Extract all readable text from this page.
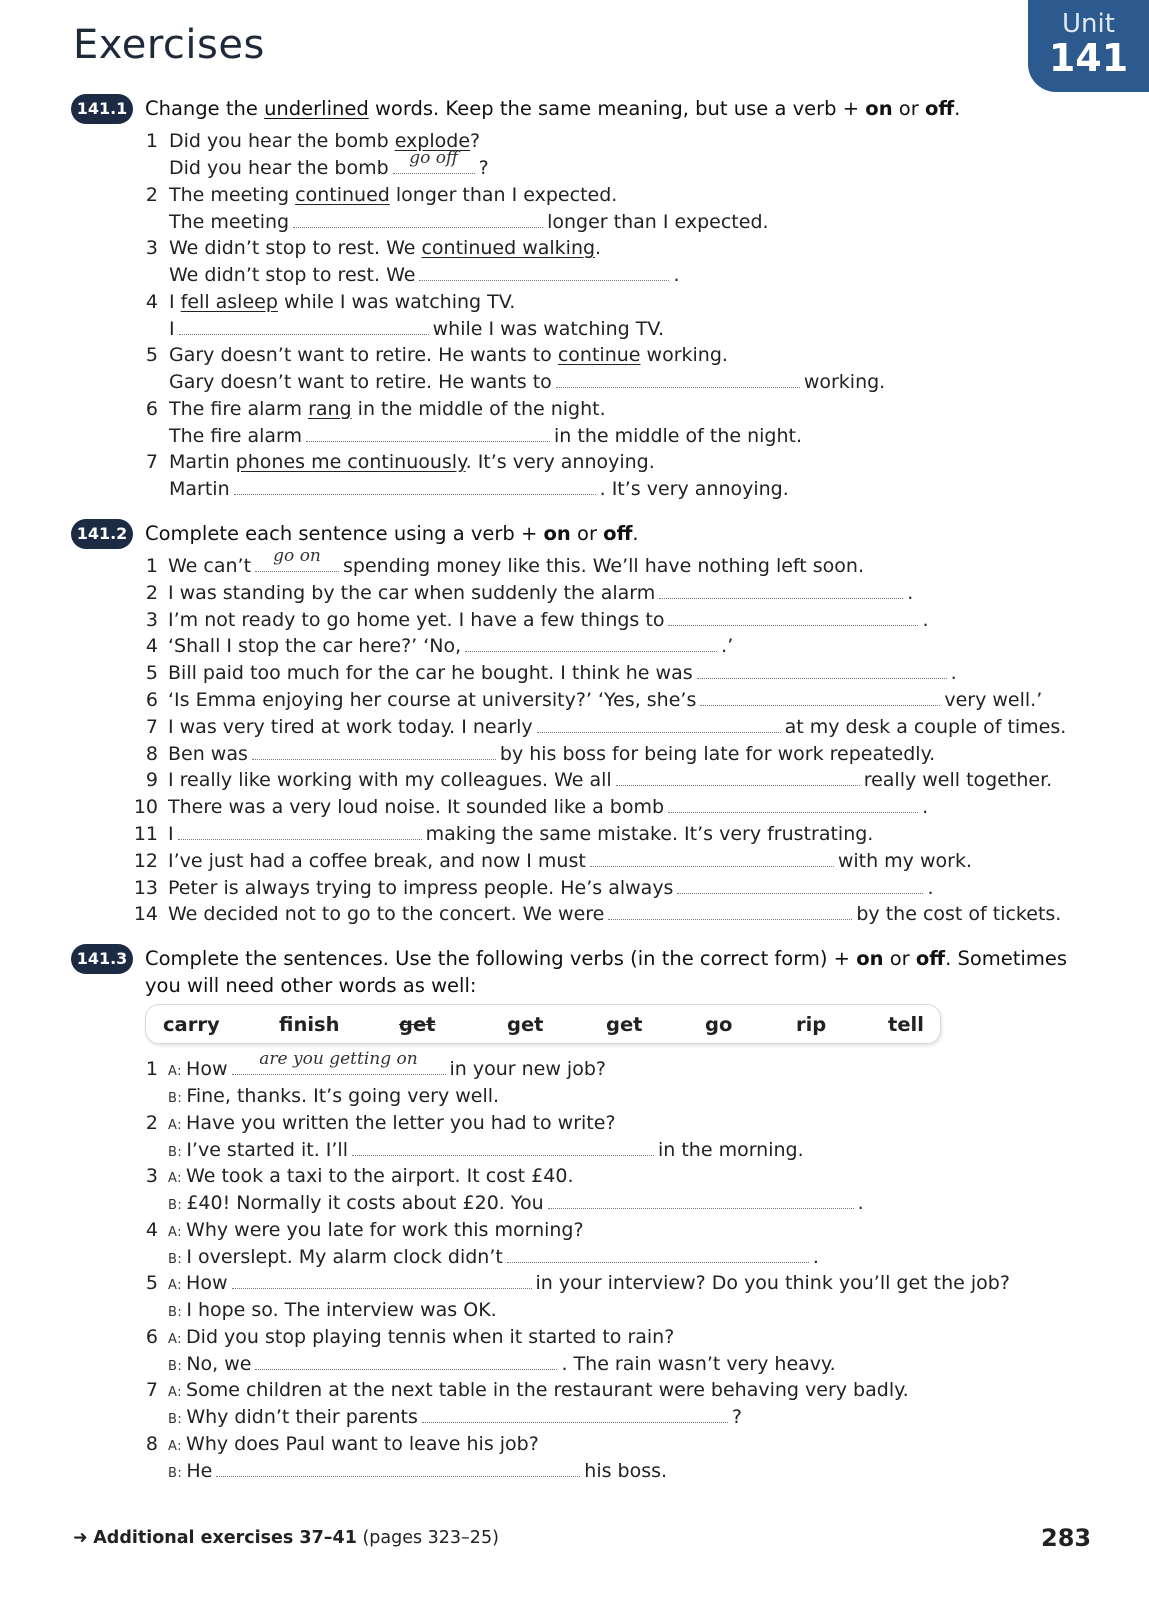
Exercises	Unit
141
141.1 Change the underlined words. Keep the same meaning, but use a verb + on or off.
1 Did you hear the bomb explode?
Did you hear the bomb	go off	?
2 The meeting continued longer than I expected.
The meeting	longer than I expected.
3 We didn’t stop to rest. We continued walking.
We didn’t stop to rest. We	.
4 I fell asleep while I was watching TV.
I	while I was watching TV.
5 Gary doesn’t want to retire. He wants to continue working.
Gary doesn’t want to retire. He wants to	working.
6 The fire alarm rang in the middle of the night.
The fire alarm	in the middle of the night.
7 Martin phones me continuously. It’s very annoying.
Martin	. It’s very annoying.
141.2 Complete each sentence using a verb + on or off.
1 We can’t	go on	spending money like this. We’ll have nothing left soon.
2 I was standing by the car when suddenly the alarm	.
3 I’m not ready to go home yet. I have a few things to	.
4 ‘Shall I stop the car here?’ ‘No,	.’
5 Bill paid too much for the car he bought. I think he was	.
6 ‘Is Emma enjoying her course at university?’ ‘Yes, she’s	very well.’
7 I was very tired at work today. I nearly	at my desk a couple of times.
8 Ben was	by his boss for being late for work repeatedly.
9 I really like working with my colleagues. We all	really well together.
10 There was a very loud noise. It sounded like a bomb	.
11 I	making the same mistake. It’s very frustrating.
12 I’ve just had a coffee break, and now I must	with my work.
13 Peter is always trying to impress people. He’s always	.
14 We decided not to go to the concert. We were	by the cost of tickets.
141.3 Complete the sentences. Use the following verbs (in the correct form) + on or off. Sometimes
you will need other words as well:
carry	finish	get	get	get	go	rip	tell
1 A: How	are you getting on	in your new job?
B: Fine, thanks. It’s going very well.
2 A: Have you written the letter you had to write?
B: I’ve started it. I’ll	in the morning.
3 A: We took a taxi to the airport. It cost £40.
B: £40! Normally it costs about £20. You	.
4 A: Why were you late for work this morning?
B: I overslept. My alarm clock didn’t	.
5 A: How	in your interview? Do you think you’ll get the job?
B: I hope so. The interview was OK.
6 A: Did you stop playing tennis when it started to rain?
B: No, we	. The rain wasn’t very heavy.
7 A: Some children at the next table in the restaurant were behaving very badly.
B: Why didn’t their parents	?
8 A: Why does Paul want to leave his job?
B: He	his boss.
➜ Additional exercises 37–41 (pages 323–25)	283
